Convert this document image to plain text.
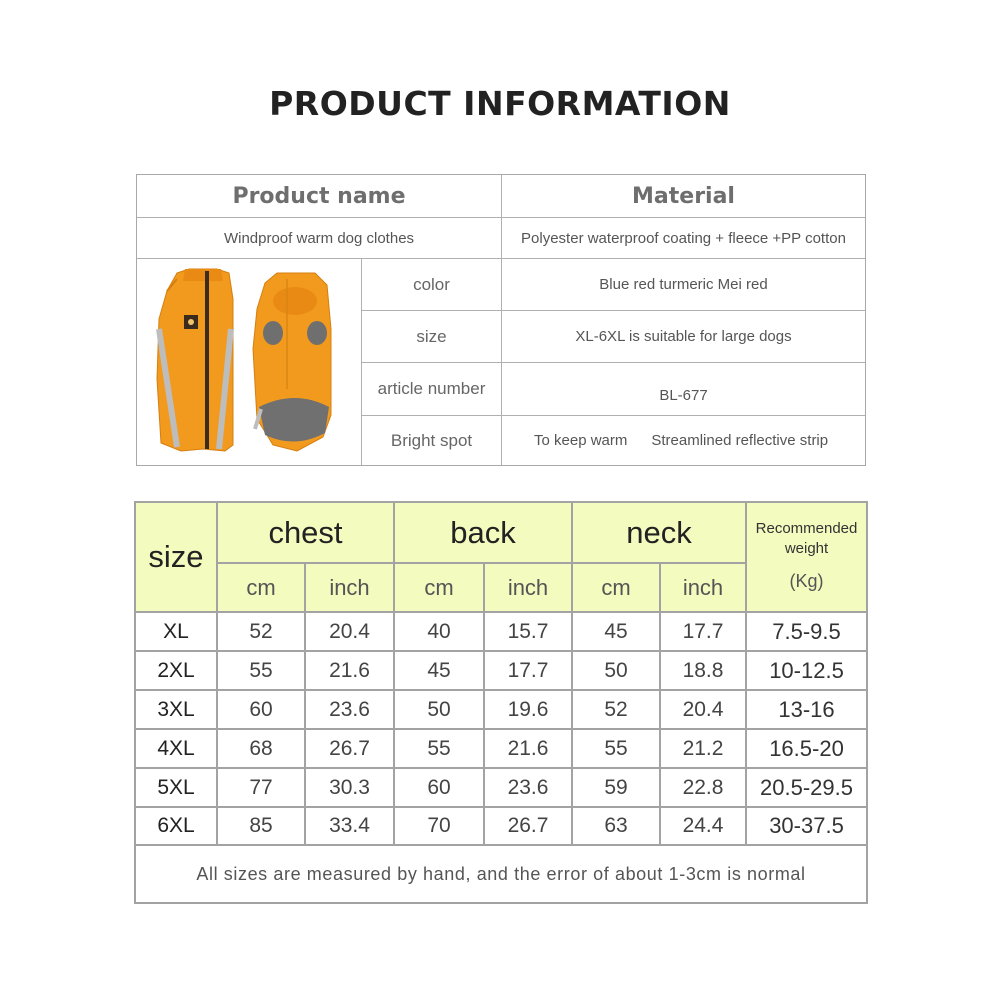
PRODUCT INFORMATION
Product name	Material
Windproof warm dog clothes	Polyester waterproof coating + fleece +PP cotton
color	Blue red turmeric Mei red
size	XL-6XL is suitable for large dogs
article number	BL-677
Bright spot	To keep warm Streamlined reflective strip
size
chest	back	neck	Recommended weight
(Kg)
cm	inch	cm	inch	cm	inch
XL	52	20.4	40	15.7	45	17.7	7.5-9.5
2XL	55	21.6	45	17.7	50	18.8	10-12.5
3XL	60	23.6	50	19.6	52	20.4	13-16
4XL	68	26.7	55	21.6	55	21.2	16.5-20
5XL	77	30.3	60	23.6	59	22.8	20.5-29.5
6XL	85	33.4	70	26.7	63	24.4	30-37.5
All sizes are measured by hand, and the error of about 1-3cm is normal
